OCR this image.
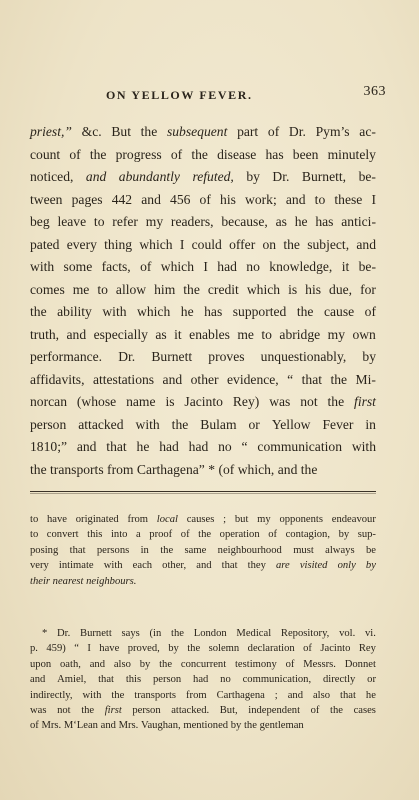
ON YELLOW FEVER.	363
priest,” &c. But the subsequent part of Dr. Pym’s ac-
count of the progress of the disease has been minutely
noticed, and abundantly refuted, by Dr. Burnett, be-
tween pages 442 and 456 of his work; and to these I
beg leave to refer my readers, because, as he has antici-
pated every thing which I could offer on the subject, and
with some facts, of which I had no knowledge, it be-
comes me to allow him the credit which is his due, for
the ability with which he has supported the cause of
truth, and especially as it enables me to abridge my own
performance. Dr. Burnett proves unquestionably, by
affidavits, attestations and other evidence, “ that the Mi-
norcan (whose name is Jacinto Rey) was not the first
person attacked with the Bulam or Yellow Fever in
1810;” and that he had had no “ communication with
the
transports
from
Carthagena”
*
(of
which,
and
the
to have originated from local causes ; but my opponents endeavour
to convert this into a proof of the operation of contagion, by sup-
posing that persons in the same neighbourhood must always be
very intimate with each other, and that they are visited only by
their
nearest
neighbours.
* Dr. Burnett says (in the London Medical Repository, vol. vi.
p. 459) “ I have proved, by the solemn declaration of Jacinto Rey
upon oath, and also by the concurrent testimony of Messrs. Donnet
and Amiel, that this person had no communication, directly or
indirectly, with the transports from Carthagena ; and also that he
was not the first person attacked. But, independent of the cases
of
Mrs.
M‘Lean
and
Mrs.
Vaughan,
mentioned
by
the
gentleman
